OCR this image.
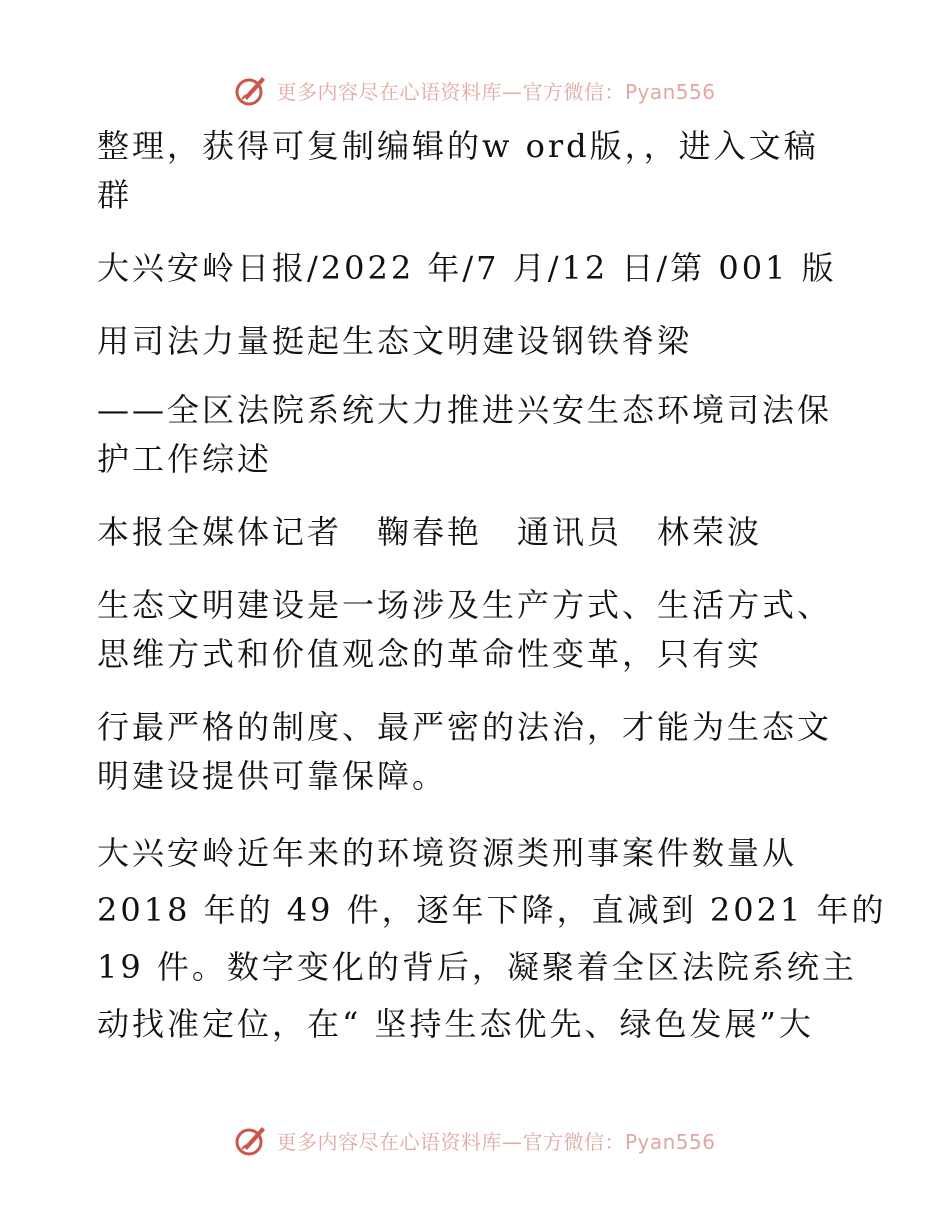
更多内容尽在心语资料库—官方微信：Pyan556

整理，获得可复制编辑的w ord版，，进入文稿
群

大兴安岭日报/2022 年/7 月/12 日/第 001 版

用司法力量挺起生态文明建设钢铁脊梁

——全区法院系统大力推进兴安生态环境司法保
护工作综述

本报全媒体记者　鞠春艳　通讯员　林荣波

生态文明建设是一场涉及生产方式、生活方式、
思维方式和价值观念的革命性变革，只有实

行最严格的制度、最严密的法治，才能为生态文
明建设提供可靠保障。

大兴安岭近年来的环境资源类刑事案件数量从
2018 年的 49 件，逐年下降，直减到 2021 年的
19 件。数字变化的背后，凝聚着全区法院系统主
动找准定位，在“ 坚持生态优先、绿色发展”大

更多内容尽在心语资料库—官方微信：Pyan556
